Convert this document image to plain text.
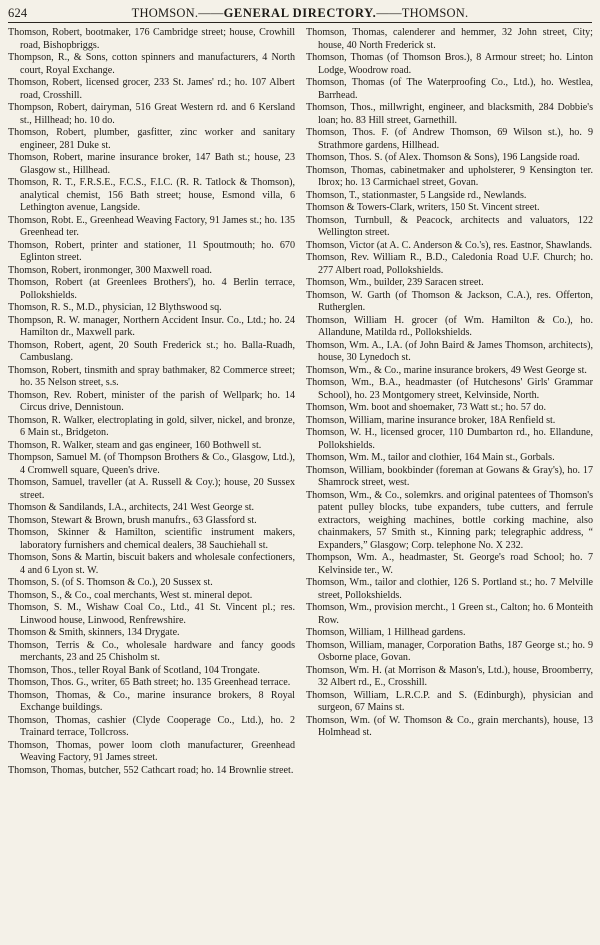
624	THOMSON.——GENERAL DIRECTORY.——THOMSON.

Thomson, Robert, bootmaker, 176 Cambridge street; house, Crowhill road, Bishopbriggs.

Thompson, R., & Sons, cotton spinners and manufacturers, 4 North court, Royal Exchange.

Thomson, Robert, licensed grocer, 233 St. James' rd.; ho. 107 Albert road, Crosshill.

Thompson, Robert, dairyman, 516 Great Western rd. and 6 Kersland st., Hillhead; ho. 10 do.

Thomson, Robert, plumber, gasfitter, zinc worker and sanitary engineer, 281 Duke st.

Thomson, Robert, marine insurance broker, 147 Bath st.; house, 23 Glasgow st., Hillhead.

Thomson, R. T., F.R.S.E., F.C.S., F.I.C. (R. R. Tatlock & Thomson), analytical chemist, 156 Bath street; house, Esmond villa, 6 Lethington avenue, Langside.

Thomson, Robt. E., Greenhead Weaving Factory, 91 James st.; ho. 135 Greenhead ter.

Thomson, Robert, printer and stationer, 11 Spoutmouth; ho. 670 Eglinton street.

Thomson, Robert, ironmonger, 300 Maxwell road.

Thomson, Robert (at Greenlees Brothers'), ho. 4 Berlin terrace, Pollokshields.

Thomson, R. S., M.D., physician, 12 Blythswood sq.

Thompson, R. W. manager, Northern Accident Insur. Co., Ltd.; ho. 24 Hamilton dr., Maxwell park.

Thomson, Robert, agent, 20 South Frederick st.; ho. Balla-Ruadh, Cambuslang.

Thomson, Robert, tinsmith and spray bathmaker, 82 Commerce street; ho. 35 Nelson street, s.s.

Thomson, Rev. Robert, minister of the parish of Wellpark; ho. 14 Circus drive, Dennistoun.

Thomson, R. Walker, electroplating in gold, silver, nickel, and bronze, 6 Main st., Bridgeton.

Thomson, R. Walker, steam and gas engineer, 160 Bothwell st.

Thompson, Samuel M. (of Thompson Brothers & Co., Glasgow, Ltd.), 4 Cromwell square, Queen's drive.

Thomson, Samuel, traveller (at A. Russell & Coy.); house, 20 Sussex street.

Thomson & Sandilands, I.A., architects, 241 West George st.

Thomson, Stewart & Brown, brush manufrs., 63 Glassford st.

Thomson, Skinner & Hamilton, scientific instrument makers, laboratory furnishers and chemical dealers, 38 Sauchiehall st.

Thomson, Sons & Martin, biscuit bakers and wholesale confectioners, 4 and 6 Lyon st. W.

Thomson, S. (of S. Thomson & Co.), 20 Sussex st.

Thomson, S., & Co., coal merchants, West st. mineral depot.

Thomson, S. M., Wishaw Coal Co., Ltd., 41 St. Vincent pl.; res. Linwood house, Linwood, Renfrewshire.

Thomson & Smith, skinners, 134 Drygate.

Thomson, Terris & Co., wholesale hardware and fancy goods merchants, 23 and 25 Chisholm st.

Thomson, Thos., teller Royal Bank of Scotland, 104 Trongate.

Thomson, Thos. G., writer, 65 Bath street; ho. 135 Greenhead terrace.

Thomson, Thomas, & Co., marine insurance brokers, 8 Royal Exchange buildings.

Thomson, Thomas, cashier (Clyde Cooperage Co., Ltd.), ho. 2 Trainard terrace, Tollcross.

Thomson, Thomas, power loom cloth manufacturer, Greenhead Weaving Factory, 91 James street.

Thomson, Thomas, butcher, 552 Cathcart road; ho. 14 Brownlie street.

Thomson, Thomas, calenderer and hemmer, 32 John street, City; house, 40 North Frederick st.

Thomson, Thomas (of Thomson Bros.), 8 Armour street; ho. Linton Lodge, Woodrow road.

Thomson, Thomas (of The Waterproofing Co., Ltd.), ho. Westlea, Barrhead.

Thomson, Thos., millwright, engineer, and blacksmith, 284 Dobbie's loan; ho. 83 Hill street, Garnethill.

Thomson, Thos. F. (of Andrew Thomson, 69 Wilson st.), ho. 9 Strathmore gardens, Hillhead.

Thomson, Thos. S. (of Alex. Thomson & Sons), 196 Langside road.

Thomson, Thomas, cabinetmaker and upholsterer, 9 Kensington ter. Ibrox; ho. 13 Carmichael street, Govan.

Thomson, T., stationmaster, 5 Langside rd., Newlands.

Thomson & Towers-Clark, writers, 150 St. Vincent street.

Thomson, Turnbull, & Peacock, architects and valuators, 122 Wellington street.

Thomson, Victor (at A. C. Anderson & Co.'s), res. Eastnor, Shawlands.

Thomson, Rev. William R., B.D., Caledonia Road U.F. Church; ho. 277 Albert road, Pollokshields.

Thomson, Wm., builder, 239 Saracen street.

Thomson, W. Garth (of Thomson & Jackson, C.A.), res. Offerton, Rutherglen.

Thomson, William H. grocer (of Wm. Hamilton & Co.), ho. Allandune, Matilda rd., Pollokshields.

Thomson, Wm. A., I.A. (of John Baird & James Thomson, architects), house, 30 Lynedoch st.

Thomson, Wm., & Co., marine insurance brokers, 49 West George st.

Thomson, Wm., B.A., headmaster (of Hutchesons' Girls' Grammar School), ho. 23 Montgomery street, Kelvinside, North.

Thomson, Wm. boot and shoemaker, 73 Watt st.; ho. 57 do.

Thomson, William, marine insurance broker, 18A Renfield st.

Thomson, W. H., licensed grocer, 110 Dumbarton rd., ho. Ellandune, Pollokshields.

Thomson, Wm. M., tailor and clothier, 164 Main st., Gorbals.

Thomson, William, bookbinder (foreman at Gowans & Gray's), ho. 17 Shamrock street, west.

Thomson, Wm., & Co., solemkrs. and original patentees of Thomson's patent pulley blocks, tube expanders, tube cutters, and ferrule extractors, weighing machines, bottle corking machine, also chainmakers, 57 Smith st., Kinning park; telegraphic address, “ Expanders,” Glasgow; Corp. telephone No. X 232.

Thompson, Wm. A., headmaster, St. George's road School; ho. 7 Kelvinside ter., W.

Thomson, Wm., tailor and clothier, 126 S. Portland st.; ho. 7 Melville street, Pollokshields.

Thomson, Wm., provision mercht., 1 Green st., Calton; ho. 6 Monteith Row.

Thomson, William, 1 Hillhead gardens.

Thomson, William, manager, Corporation Baths, 187 George st.; ho. 9 Osborne place, Govan.

Thomson, Wm. H. (at Morrison & Mason's, Ltd.), house, Broomberry, 32 Albert rd., E., Crosshill.

Thomson, William, L.R.C.P. and S. (Edinburgh), physician and surgeon, 67 Mains st.

Thomson, Wm. (of W. Thomson & Co., grain merchants), house, 13 Holmhead st.
